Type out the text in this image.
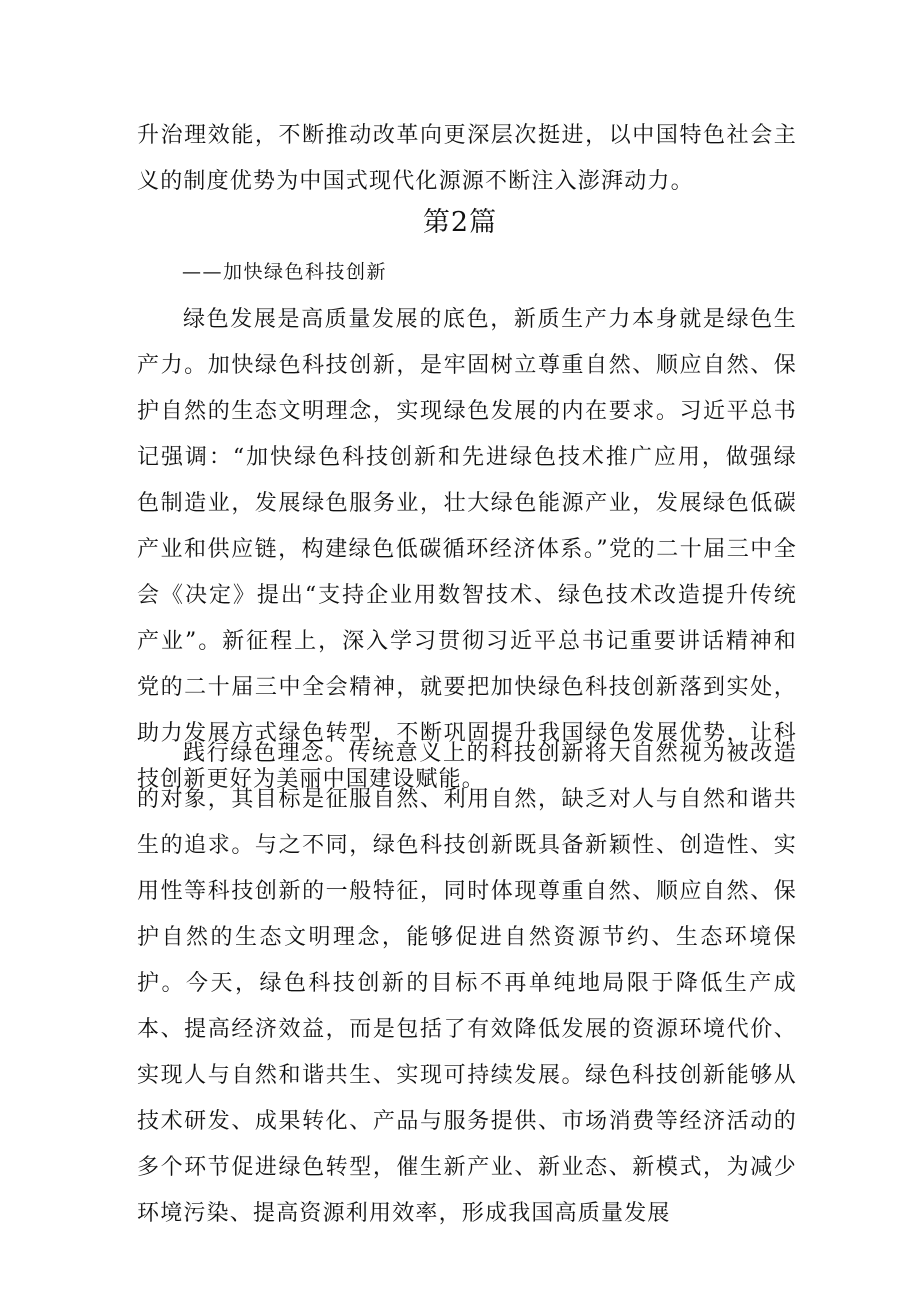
升治理效能，不断推动改革向更深层次挺进，以中国特色社会主义的制度优势为中国式现代化源源不断注入澎湃动力。

第2篇
——加快绿色科技创新

绿色发展是高质量发展的底色，新质生产力本身就是绿色生产力。加快绿色科技创新，是牢固树立尊重自然、顺应自然、保护自然的生态文明理念，实现绿色发展的内在要求。习近平总书记强调：“加快绿色科技创新和先进绿色技术推广应用，做强绿色制造业，发展绿色服务业，壮大绿色能源产业，发展绿色低碳产业和供应链，构建绿色低碳循环经济体系。”党的二十届三中全会《决定》提出“支持企业用数智技术、绿色技术改造提升传统产业”。新征程上，深入学习贯彻习近平总书记重要讲话精神和党的二十届三中全会精神，就要把加快绿色科技创新落到实处，助力发展方式绿色转型，不断巩固提升我国绿色发展优势，让科技创新更好为美丽中国建设赋能。

践行绿色理念。传统意义上的科技创新将大自然视为被改造的对象，其目标是征服自然、利用自然，缺乏对人与自然和谐共生的追求。与之不同，绿色科技创新既具备新颖性、创造性、实用性等科技创新的一般特征，同时体现尊重自然、顺应自然、保护自然的生态文明理念，能够促进自然资源节约、生态环境保护。今天，绿色科技创新的目标不再单纯地局限于降低生产成本、提高经济效益，而是包括了有效降低发展的资源环境代价、实现人与自然和谐共生、实现可持续发展。绿色科技创新能够从技术研发、成果转化、产品与服务提供、市场消费等经济活动的多个环节促进绿色转型，催生新产业、新业态、新模式，为减少环境污染、提高资源利用效率，形成我国高质量发展
